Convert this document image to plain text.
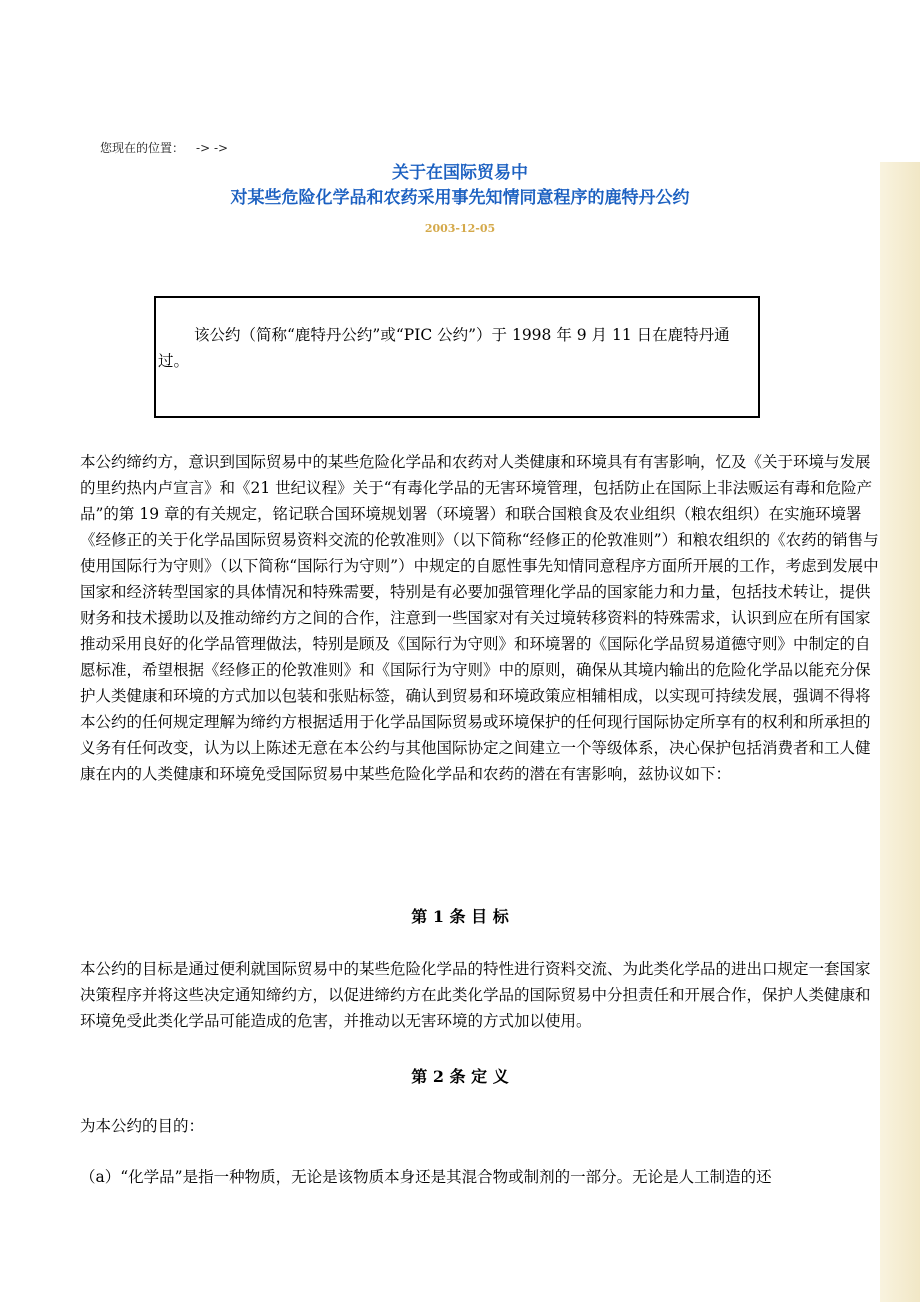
您现在的位置： -> ->
关于在国际贸易中
对某些危险化学品和农药采用事先知情同意程序的鹿特丹公约
2003-12-05
该公约（简称“鹿特丹公约”或“PIC 公约”）于 1998 年 9 月 11 日在鹿特丹通过。
本公约缔约方，意识到国际贸易中的某些危险化学品和农药对人类健康和环境具有有害影响，忆及《关于环境与发展的里约热内卢宣言》和《21 世纪议程》关于“有毒化学品的无害环境管理，包括防止在国际上非法贩运有毒和危险产品”的第 19 章的有关规定，铭记联合国环境规划署（环境署）和联合国粮食及农业组织（粮农组织）在实施环境署《经修正的关于化学品国际贸易资料交流的伦敦准则》（以下简称“经修正的伦敦准则”）和粮农组织的《农药的销售与使用国际行为守则》（以下简称“国际行为守则”）中规定的自愿性事先知情同意程序方面所开展的工作，考虑到发展中国家和经济转型国家的具体情况和特殊需要，特别是有必要加强管理化学品的国家能力和力量，包括技术转让，提供财务和技术援助以及推动缔约方之间的合作，注意到一些国家对有关过境转移资料的特殊需求，认识到应在所有国家推动采用良好的化学品管理做法，特别是顾及《国际行为守则》和环境署的《国际化学品贸易道德守则》中制定的自愿标准，希望根据《经修正的伦敦准则》和《国际行为守则》中的原则，确保从其境内输出的危险化学品以能充分保护人类健康和环境的方式加以包装和张贴标签，确认到贸易和环境政策应相辅相成，以实现可持续发展，强调不得将本公约的任何规定理解为缔约方根据适用于化学品国际贸易或环境保护的任何现行国际协定所享有的权利和所承担的义务有任何改变，认为以上陈述无意在本公约与其他国际协定之间建立一个等级体系，决心保护包括消费者和工人健康在内的人类健康和环境免受国际贸易中某些危险化学品和农药的潜在有害影响，兹协议如下：
第 1 条 目 标
本公约的目标是通过便利就国际贸易中的某些危险化学品的特性进行资料交流、为此类化学品的进出口规定一套国家决策程序并将这些决定通知缔约方，以促进缔约方在此类化学品的国际贸易中分担责任和开展合作，保护人类健康和环境免受此类化学品可能造成的危害，并推动以无害环境的方式加以使用。
第 2 条 定 义
为本公约的目的：
（a）“化学品”是指一种物质，无论是该物质本身还是其混合物或制剂的一部分。无论是人工制造的还
